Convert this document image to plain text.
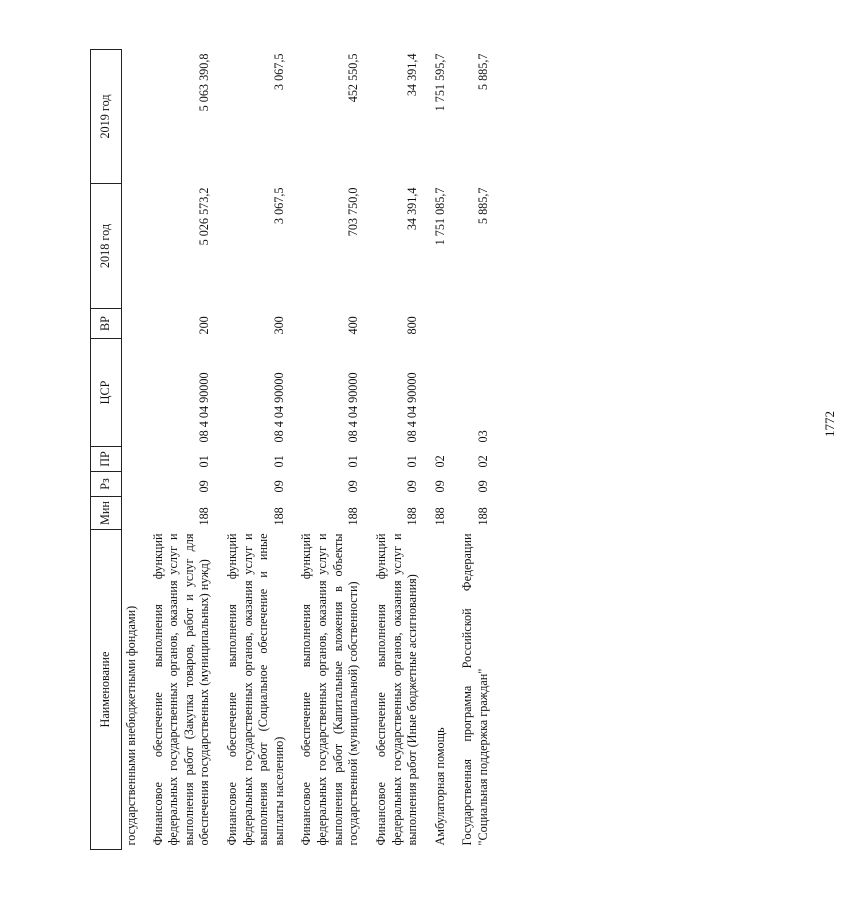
1772
Наименование	Мин	Рз	ПР	ЦСР	ВР	2018 год	2019 год
государственными внебюджетными фондами)							
Финансовое обеспечение выполнения функций федеральных государственных органов, оказания услуг и выполнения работ (Закупка товаров, работ и услуг для обеспечения государственных (муниципальных) нужд)	188	09	01	08 4 04 90000	200	5 026 573,2	5 063 390,8
Финансовое обеспечение выполнения функций федеральных государственных органов, оказания услуг и выполнения работ (Социальное обеспечение и иные выплаты населению)	188	09	01	08 4 04 90000	300	3 067,5	3 067,5
Финансовое обеспечение выполнения функций федеральных государственных органов, оказания услуг и выполнения работ (Капитальные вложения в объекты государственной (муниципальной) собственности)	188	09	01	08 4 04 90000	400	703 750,0	452 550,5
Финансовое обеспечение выполнения функций федеральных государственных органов, оказания услуг и выполнения работ (Иные бюджетные ассигнования)	188	09	01	08 4 04 90000	800	34 391,4	34 391,4
Амбулаторная помощь	188	09	02			1 751 085,7	1 751 595,7
Государственная программа Российской Федерации "Социальная поддержка граждан"	188	09	02	03		5 885,7	5 885,7
